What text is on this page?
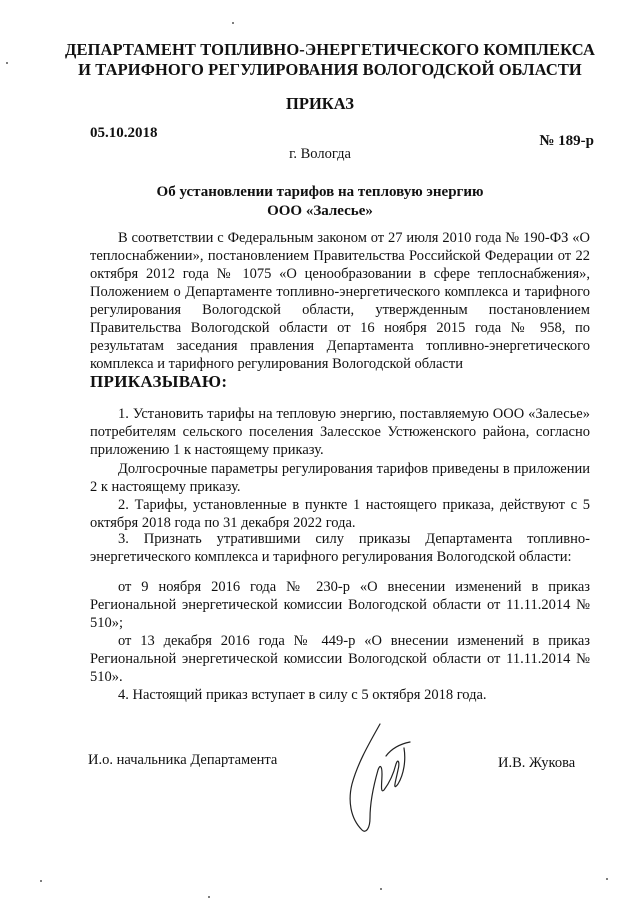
ДЕПАРТАМЕНТ ТОПЛИВНО-ЭНЕРГЕТИЧЕСКОГО КОМПЛЕКСА
И ТАРИФНОГО РЕГУЛИРОВАНИЯ ВОЛОГОДСКОЙ ОБЛАСТИ
ПРИКАЗ
05.10.2018	№ 189-р
г. Вологда
Об установлении тарифов на тепловую энергию
ООО «Залесье»
В соответствии с Федеральным законом от 27 июля 2010 года № 190-ФЗ «О теплоснабжении», постановлением Правительства Российской Федерации от 22 октября 2012 года № 1075 «О ценообразовании в сфере теплоснабжения», Положением о Департаменте топливно-энергетического комплекса и тарифного регулирования Вологодской области, утвержденным постановлением Правительства Вологодской области от 16 ноября 2015 года № 958, по результатам заседания правления Департамента топливно-энергетического комплекса и тарифного регулирования Вологодской области
ПРИКАЗЫВАЮ:
1. Установить тарифы на тепловую энергию, поставляемую ООО «Залесье» потребителям сельского поселения Залесское Устюженского района, согласно приложению 1 к настоящему приказу.
Долгосрочные параметры регулирования тарифов приведены в приложении 2 к настоящему приказу.
2. Тарифы, установленные в пункте 1 настоящего приказа, действуют с 5 октября 2018 года по 31 декабря 2022 года.
3. Признать утратившими силу приказы Департамента топливно-энергетического комплекса и тарифного регулирования Вологодской области:
от 9 ноября 2016 года № 230-р «О внесении изменений в приказ Региональной энергетической комиссии Вологодской области от 11.11.2014 № 510»;
от 13 декабря 2016 года № 449-р «О внесении изменений в приказ Региональной энергетической комиссии Вологодской области от 11.11.2014 № 510».
4. Настоящий приказ вступает в силу с 5 октября 2018 года.
И.о. начальника Департамента	И.В. Жукова
